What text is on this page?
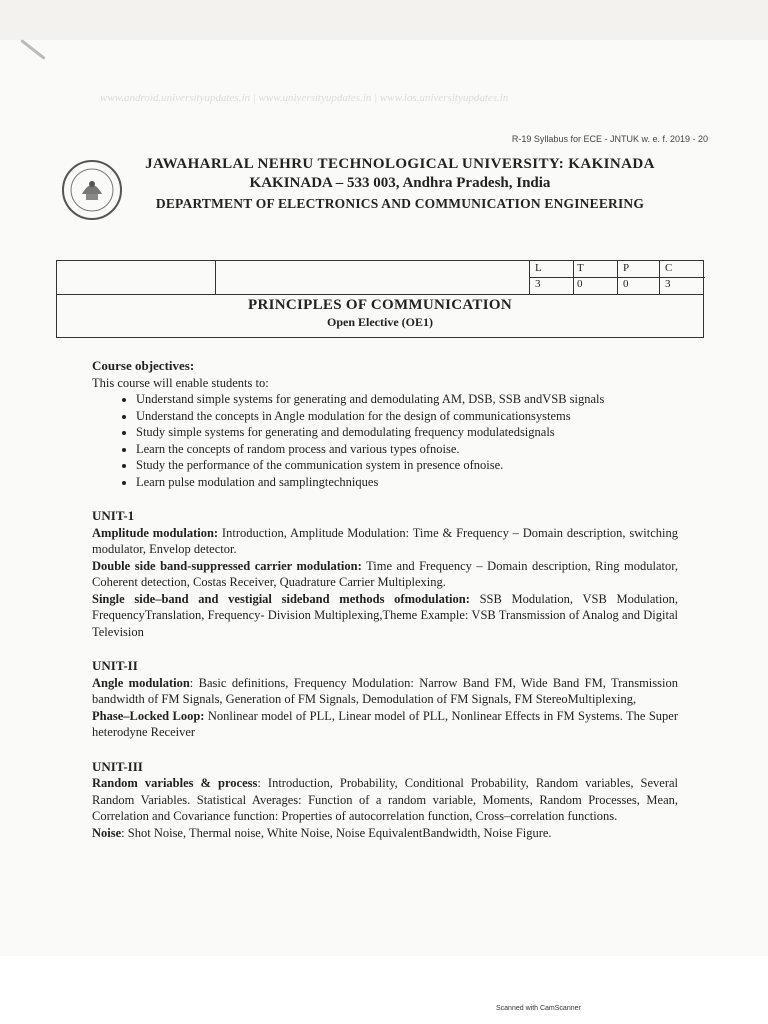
www.android.universityupdates.in | www.universityupdates.in | www.ios.universityupdates.in
R-19 Syllabus for ECE - JNTUK w. e. f. 2019 - 20
JAWAHARLAL NEHRU TECHNOLOGICAL UNIVERSITY: KAKINADA
KAKINADA – 533 003, Andhra Pradesh, India
DEPARTMENT OF ELECTRONICS AND COMMUNICATION ENGINEERING
L	T	P	C
3	0	0	3
PRINCIPLES OF COMMUNICATION
Open Elective (OE1)
Course objectives:
This course will enable students to:
• Understand simple systems for generating and demodulating AM, DSB, SSB andVSB signals
• Understand the concepts in Angle modulation for the design of communicationsystems
• Study simple systems for generating and demodulating frequency modulatedsignals
• Learn the concepts of random process and various types ofnoise.
• Study the performance of the communication system in presence ofnoise.
• Learn pulse modulation and samplingtechniques
UNIT-1
Amplitude modulation: Introduction, Amplitude Modulation: Time & Frequency – Domain description, switching modulator, Envelop detector.
Double side band-suppressed carrier modulation: Time and Frequency – Domain description, Ring modulator, Coherent detection, Costas Receiver, Quadrature Carrier Multiplexing.
Single side–band and vestigial sideband methods ofmodulation: SSB Modulation, VSB Modulation, FrequencyTranslation, Frequency- Division Multiplexing,Theme Example: VSB Transmission of Analog and Digital Television
UNIT-II
Angle modulation: Basic definitions, Frequency Modulation: Narrow Band FM, Wide Band FM, Transmission bandwidth of FM Signals, Generation of FM Signals, Demodulation of FM Signals, FM StereoMultiplexing,
Phase–Locked Loop: Nonlinear model of PLL, Linear model of PLL, Nonlinear Effects in FM Systems. The Super heterodyne Receiver
UNIT-III
Random variables & process: Introduction, Probability, Conditional Probability, Random variables, Several Random Variables. Statistical Averages: Function of a random variable, Moments, Random Processes, Mean, Correlation and Covariance function: Properties of autocorrelation function, Cross–correlation functions.
Noise: Shot Noise, Thermal noise, White Noise, Noise EquivalentBandwidth, Noise Figure.
Scanned with CamScanner
